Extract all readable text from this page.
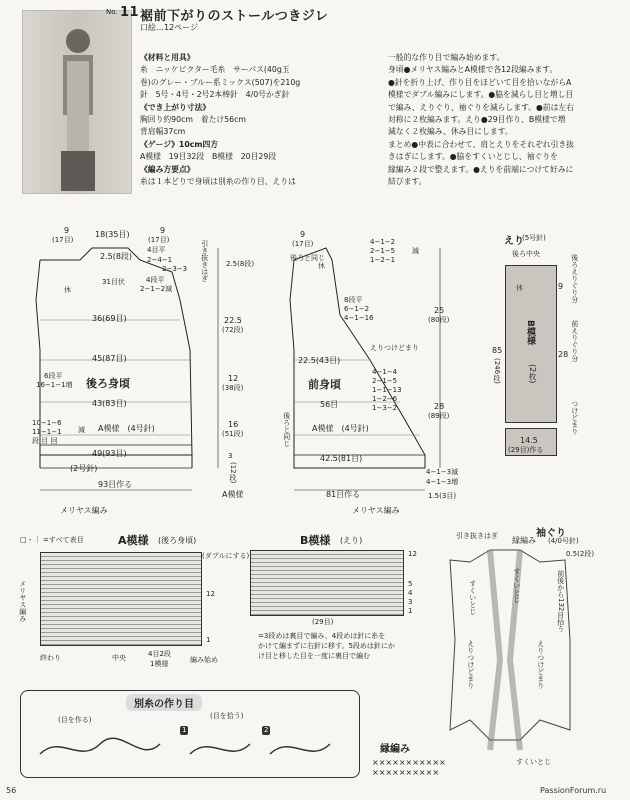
No. 11 裾前下がりのストールつきジレ
口絵…12ページ
《材料と用具》
糸　ニッケビクター毛糸　サーパス(40g玉
巻)のグレー・ブルー系ミックス(507)を210g
針　5号・4号・2号2本棒針　4/0号かぎ針
《でき上がり寸法》
胸回り約90cm　着たけ56cm
背肩幅37cm
《ゲージ》10cm四方
A模様　19目32段　B模様　20目29段
《編み方要点》
糸は１本どりで身頃は別糸の作り目、えりは
一般的な作り目で編み始めます。
身頃●メリヤス編みとA模様で各12段編みます。
●針を折り上げ、作り目をほどいて目を拾いながらA
模様でダブル編みにします。●脇を減らし目と増し目
で編み、えりぐり、袖ぐりを減らします。●前は左右
対称に２枚編みます。えり●29目作り、B模様で増
減なく２枚編み、休み目にします。
まとめ●中表に合わせて、肩とえりをそれぞれ引き抜
きはぎにします。●脇をすくいとじし、袖ぐりを
縁編み２段で整えます。●えりを前端につけて好みに
結びます。
9
(17目)
18(35目)	9
(17目)
休
2.5(8段)
31目伏
4目平
2−4−1
2−3−3
4段平
2−1−2減
36(69目)
45(87目)
後ろ身頃
6段平
16−1−1増
43(83目)
10−1−6
11−1−1
段 目 回
減 A模様　(4号針)
49(93目)
(2号針)
93目作る
メリヤス編み
引き抜きはぎ 2.5(8段)
22.5
(72段)
12
(38段)
16
(51段)
3
(12段)
A模様
9
(17目)
後ろと同じ
4−1−2
2−1−5
1−2−1
減
休
8段平
6−1−2
4−1−16
えりつけどまり
22.5(43目)
前身頃
4−1−4
2−1−5
1−1−13
1−2−6
1−3−2
56目
後ろと同じ	A模様　(4号針)
42.5(81目)
25
(80段)
28
(89段)
4−1−3減
4−1−3増
1.5(3目)
81目作る
メリヤス編み
えり
(5号針)
後ろ中央
休	9
28
85
(246段)
B模様
(2枚)
後ろえりぐり分
前えりぐり分
つけどまり
14.5
(29目)作る
□・｜ =すべて表目	A模様 (後ろ身頃)
メリヤス編み
(ダブルにする)
12
1
終わり	中央	4目2段
1模様	編み始め
B模様 (えり)
12
5
4
3
1
(29目)
=3段めは裏目で編み、4段めは針に糸を
かけて編まずに右針に移す。5段めは針にか
け目と移した目を一度に裏目で編む
袖ぐり
縁編み (4/0号針)
0.5(2段)
引き抜きはぎ
すくいとじ	すくいとじ
すくいとじ
前後から132目拾う
えりつけどまり	えりつけどまり
別糸の作り目
(目を作る)	(目を拾う)
1	2
縁編み
×××××××××××
××××××××××
56	PassionForum.ru
